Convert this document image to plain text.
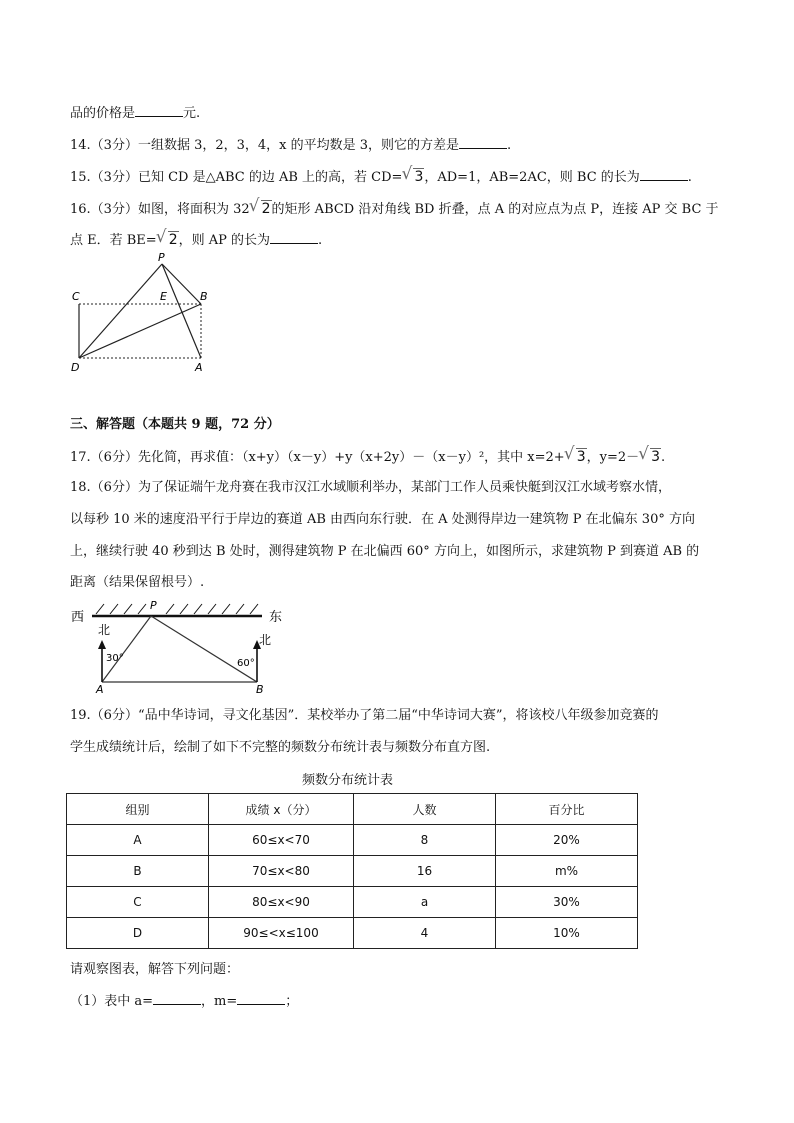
品的价格是	元.
14.（3分）一组数据 3，2，3，4，x 的平均数是 3，则它的方差是	.
15.（3分）已知 CD 是△ABC 的边 AB 上的高，若 CD= √ 3，AD=1，AB=2AC，则 BC 的长为	.
16.（3分）如图，将面积为 32 √ 2的矩形 ABCD 沿对角线 BD 折叠，点 A 的对应点为点 P，连接 AP 交 BC 于
点 E．若 BE= √ 2，则 AP 的长为	.
P
C	E	B
D	A
三、解答题（本题共 9 题，72 分）
17.（6分）先化简，再求值：（x+y）（x－y）+y（x+2y）－（x－y）²，其中 x=2+ √ 3，y=2－ √ 3.
18.（6分）为了保证端午龙舟赛在我市汉江水域顺利举办，某部门工作人员乘快艇到汉江水域考察水情，
以每秒 10 米的速度沿平行于岸边的赛道 AB 由西向东行驶．在 A 处测得岸边一建筑物 P 在北偏东 30° 方向
上，继续行驶 40 秒到达 B 处时，测得建筑物 P 在北偏西 60° 方向上，如图所示，求建筑物 P 到赛道 AB 的
距离（结果保留根号）.
西	东
P
北
北
30°	60°
A	B
19.（6分）“品中华诗词，寻文化基因”．某校举办了第二届“中华诗词大赛”，将该校八年级参加竞赛的
学生成绩统计后，绘制了如下不完整的频数分布统计表与频数分布直方图.
频数分布统计表
组别	成绩 x（分）	人数	百分比
A	60≤x<70	8	20%
B	70≤x<80	16	m%
C	80≤x<90	a	30%
D	90≤<x≤100	4	10%
请观察图表，解答下列问题：
（1）表中 a=	，m=	；
